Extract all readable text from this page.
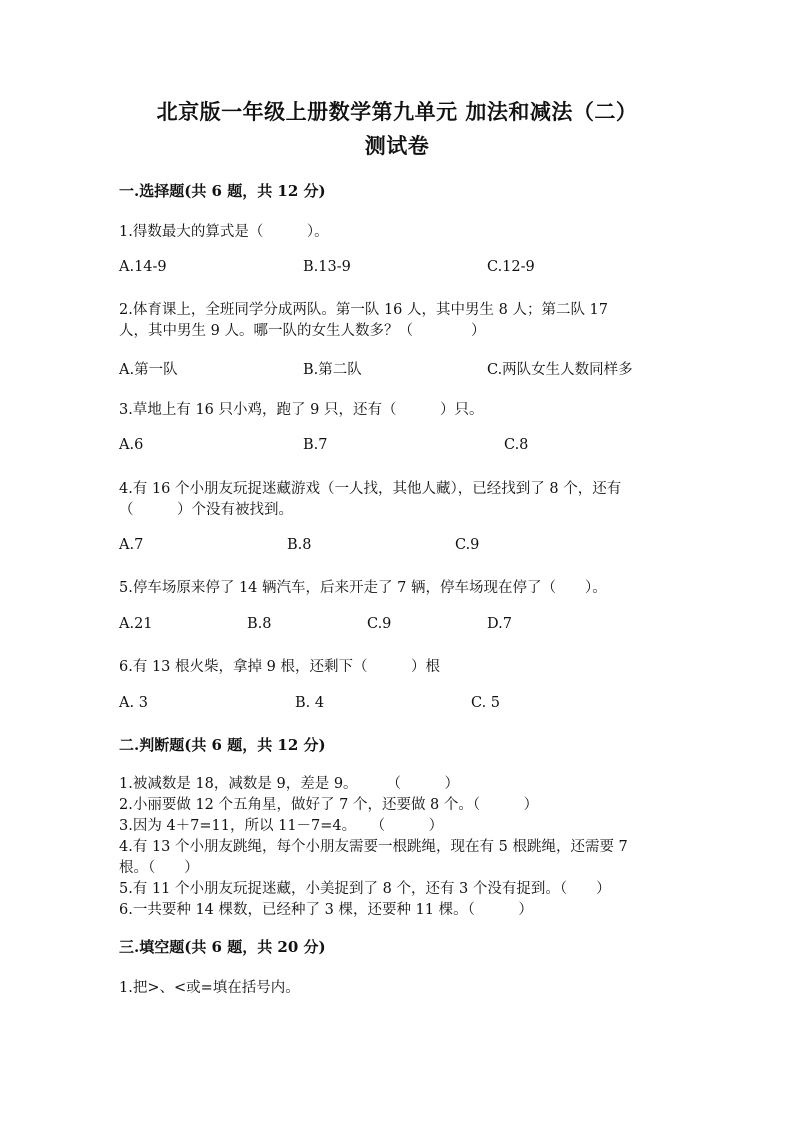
北京版一年级上册数学第九单元 加法和减法（二）
测试卷
一.选择题(共 6 题，共 12 分)
1.得数最大的算式是（　　　）。
A.14-9	B.13-9	C.12-9
2.体育课上，全班同学分成两队。第一队 16 人，其中男生 8 人；第二队 17
人，其中男生 9 人。哪一队的女生人数多？（　　　　）
A.第一队	B.第二队	C.两队女生人数同样多
3.草地上有 16 只小鸡，跑了 9 只，还有（　　　）只。
A.6	B.7	C.8
4.有 16 个小朋友玩捉迷藏游戏（一人找，其他人藏），已经找到了 8 个，还有
（　　　）个没有被找到。
A.7	B.8	C.9
5.停车场原来停了 14 辆汽车，后来开走了 7 辆，停车场现在停了（　　）。
A.21	B.8	C.9	D.7
6.有 13 根火柴，拿掉 9 根，还剩下（　　　）根
A. 3	B. 4	C. 5
二.判断题(共 6 题，共 12 分)
1.被减数是 18，减数是 9，差是 9。　　　（　　　）
2.小丽要做 12 个五角星，做好了 7 个，还要做 8 个。（　　　）
3.因为 4＋7=11，所以 11－7=4。　　（　　　）
4.有 13 个小朋友跳绳，每个小朋友需要一根跳绳，现在有 5 根跳绳，还需要 7
根。（　　）
5.有 11 个小朋友玩捉迷藏，小美捉到了 8 个，还有 3 个没有捉到。（　　）
6.一共要种 14 棵数，已经种了 3 棵，还要种 11 棵。（　　　）
三.填空题(共 6 题，共 20 分)
1.把>、<或=填在括号内。
